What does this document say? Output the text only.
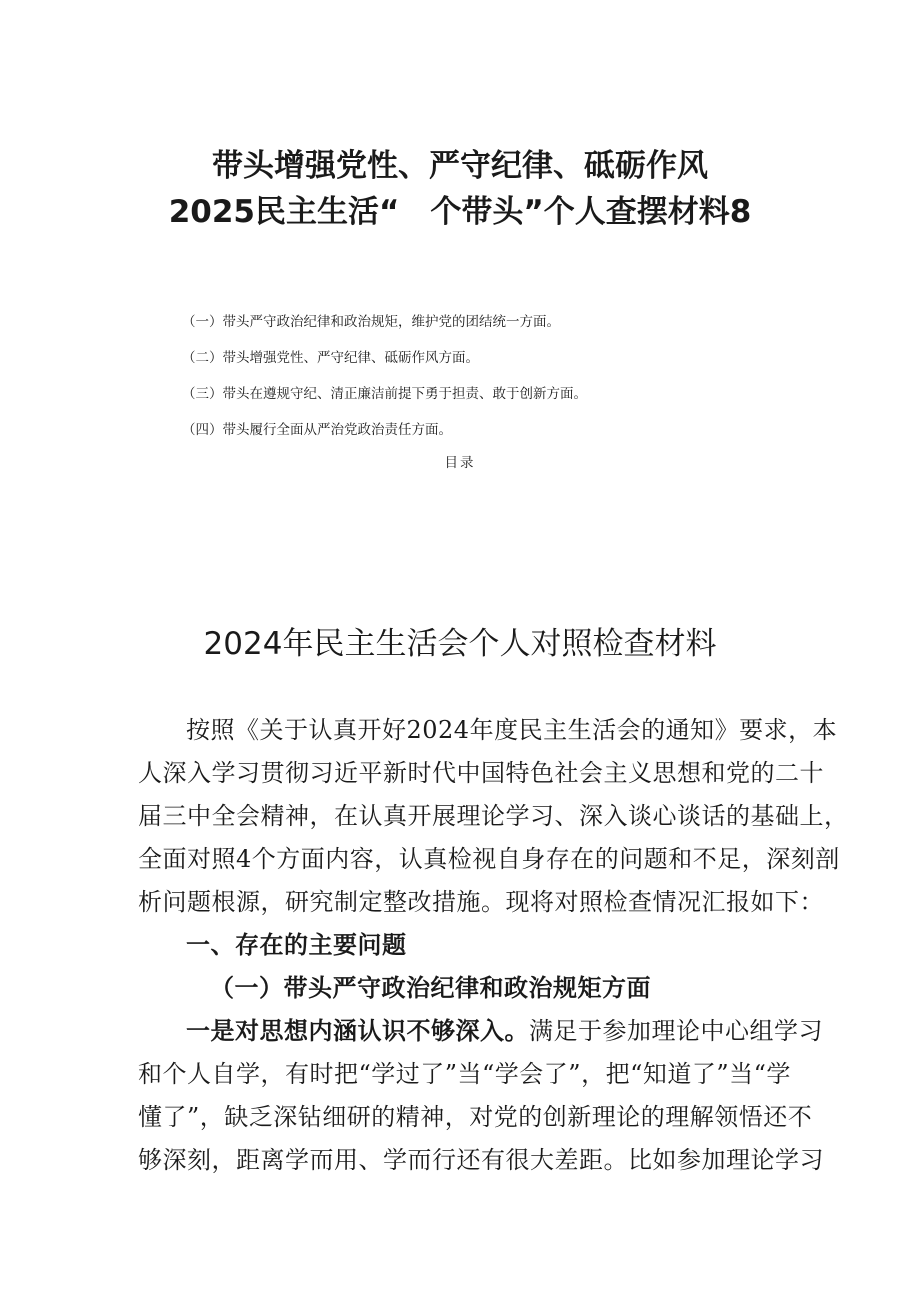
带头增强党性、严守纪律、砥砺作风
2025民主生活“　个带头”个人查摆材料8
（一）带头严守政治纪律和政治规矩，维护党的团结统一方面。
（二）带头增强党性、严守纪律、砥砺作风方面。
（三）带头在遵规守纪、清正廉洁前提下勇于担责、敢于创新方面。
（四）带头履行全面从严治党政治责任方面。
目录
2024年民主生活会个人对照检查材料
按照《关于认真开好2024年度民主生活会的通知》要求，本
人深入学习贯彻习近平新时代中国特色社会主义思想和党的二十
届三中全会精神，在认真开展理论学习、深入谈心谈话的基础上，
全面对照4个方面内容，认真检视自身存在的问题和不足，深刻剖
析问题根源，研究制定整改措施。现将对照检查情况汇报如下：
一、存在的主要问题
（一）带头严守政治纪律和政治规矩方面
一是对思想内涵认识不够深入。满足于参加理论中心组学习
和个人自学，有时把“学过了”当“学会了”，把“知道了”当“学
懂了”，缺乏深钻细研的精神，对党的创新理论的理解领悟还不
够深刻，距离学而用、学而行还有很大差距。比如参加理论学习
